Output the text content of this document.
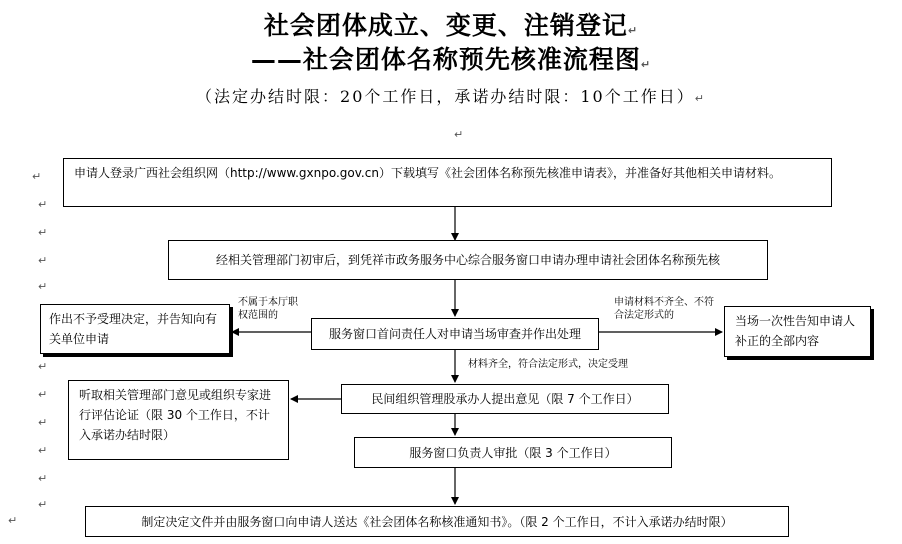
社会团体成立、变更、注销登记↵
——社会团体名称预先核准流程图↵
（法定办结时限：20个工作日，承诺办结时限：10个工作日）↵
↵
↵
↵
↵
↵
↵
↵
↵
↵
↵
↵
↵
↵
申请人登录广西社会组织网（http://www.gxnpo.gov.cn）下载填写《社会团体名称预先核准申请表》，并准备好其他相关申请材料。
经相关管理部门初审后，到凭祥市政务服务中心综合服务窗口申请办理申请社会团体名称预先核
服务窗口首问责任人对申请当场审查并作出处理
作出不予受理决定，并告知向有关单位申请
当场一次性告知申请人补正的全部内容
民间组织管理股承办人提出意见（限 7 个工作日）
听取相关管理部门意见或组织专家进行评估论证（限 30 个工作日，不计入承诺办结时限）
服务窗口负责人审批（限 3 个工作日）
制定决定文件并由服务窗口向申请人送达《社会团体名称核准通知书》。（限 2 个工作日，不计入承诺办结时限）
不属于本厅职权范围的
申请材料不齐全、不符合法定形式的
材料齐全，符合法定形式，决定受理
